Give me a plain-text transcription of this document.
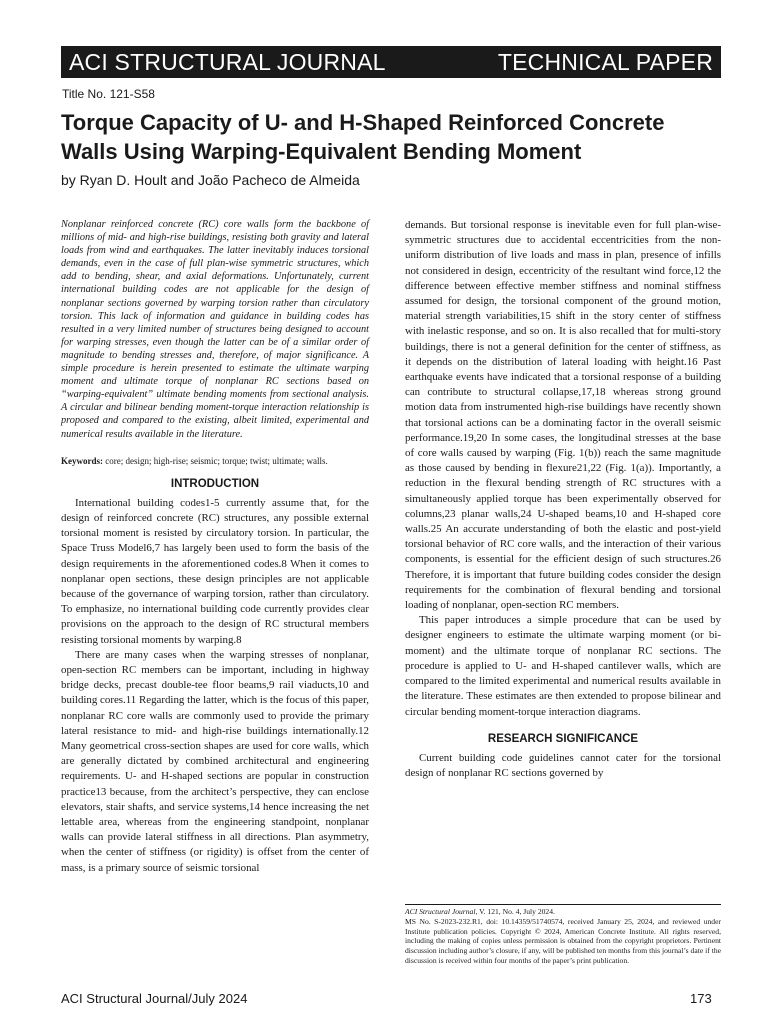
ACI STRUCTURAL JOURNAL	TECHNICAL PAPER
Title No. 121-S58
Torque Capacity of U- and H-Shaped Reinforced Concrete
Walls Using Warping-Equivalent Bending Moment
by Ryan D. Hoult and João Pacheco de Almeida

Nonplanar reinforced concrete (RC) core walls form the backbone of millions of mid- and high-rise buildings, resisting both gravity and lateral loads from wind and earthquakes. The latter inevitably induces torsional demands, even in the case of full plan-wise symmetric structures, which add to bending, shear, and axial deformations. Unfortunately, current international building codes are not applicable for the design of nonplanar sections governed by warping torsion rather than circulatory torsion. This lack of information and guidance in building codes has resulted in a very limited number of structures being designed to account for warping stresses, even though the latter can be of a similar order of magnitude to bending stresses and, therefore, of major significance. A simple procedure is herein presented to estimate the ultimate warping moment and ultimate torque of nonplanar RC sections based on “warping-equivalent” ultimate bending moments from sectional analysis. A circular and bilinear bending moment-torque interaction relationship is proposed and compared to the existing, albeit limited, experimental and numerical results available in the literature.

Keywords: core; design; high-rise; seismic; torque; twist; ultimate; walls.

INTRODUCTION

International building codes1-5 currently assume that, for the design of reinforced concrete (RC) structures, any possible external torsional moment is resisted by circulatory torsion. In particular, the Space Truss Model6,7 has largely been used to form the basis of the design requirements in the aforementioned codes.8 When it comes to nonplanar open sections, these design principles are not applicable because of the governance of warping torsion, rather than circulatory. To emphasize, no international building code currently provides clear provisions on the approach to the design of RC structural members resisting torsional moments by warping.8

There are many cases when the warping stresses of nonplanar, open-section RC members can be important, including in highway bridge decks, precast double-tee floor beams,9 rail viaducts,10 and building cores.11 Regarding the latter, which is the focus of this paper, nonplanar RC core walls are commonly used to provide the primary lateral resistance to mid- and high-rise buildings internationally.12 Many geometrical cross-section shapes are used for core walls, which are generally dictated by combined architectural and engineering requirements. U- and H-shaped sections are popular in construction practice13 because, from the architect’s perspective, they can enclose elevators, stair shafts, and service systems,14 hence increasing the net lettable area, whereas from the engineering standpoint, nonplanar walls can provide lateral stiffness in all directions. Plan asymmetry, when the center of stiffness (or rigidity) is offset from the center of mass, is a primary source of seismic torsional

demands. But torsional response is inevitable even for full plan-wise-symmetric structures due to accidental eccentricities from the non-uniform distribution of live loads and mass in plan, presence of infills not considered in design, eccentricity of the resultant wind force,12 the difference between effective member stiffness and nominal stiffness assumed for design, the torsional component of the ground motion, material strength variabilities,15 shift in the story center of stiffness with inelastic response, and so on. It is also recalled that for multi-story buildings, there is not a general definition for the center of stiffness, as it depends on the distribution of lateral loading with height.16 Past earthquake events have indicated that a torsional response of a building can contribute to structural collapse,17,18 whereas strong ground motion data from instrumented high-rise buildings have recently shown that torsional actions can be a dominating factor in the overall seismic performance.19,20 In some cases, the longitudinal stresses at the base of core walls caused by warping (Fig. 1(b)) reach the same magnitude as those caused by bending in flexure21,22 (Fig. 1(a)). Importantly, a reduction in the flexural bending strength of RC structures with a simultaneously applied torque has been experimentally observed for columns,23 planar walls,24 U-shaped beams,10 and H-shaped core walls.25 An accurate understanding of both the elastic and post-yield torsional behavior of RC core walls, and the interaction of their various components, is essential for the efficient design of such structures.26 Therefore, it is important that future building codes consider the design requirements for the combination of flexural bending and torsional loading of nonplanar, open-section RC members.

This paper introduces a simple procedure that can be used by designer engineers to estimate the ultimate warping moment (or bi-moment) and the ultimate torque of nonplanar RC sections. The procedure is applied to U- and H-shaped cantilever walls, which are compared to the limited experimental and numerical results available in the literature. These estimates are then extended to propose bilinear and circular bending moment-torque interaction diagrams.

RESEARCH SIGNIFICANCE

Current building code guidelines cannot cater for the torsional design of nonplanar RC sections governed by

ACI Structural Journal, V. 121, No. 4, July 2024.

MS No. S-2023-232.R1, doi: 10.14359/51740574, received January 25, 2024, and reviewed under Institute publication policies. Copyright © 2024, American Concrete Institute. All rights reserved, including the making of copies unless permission is obtained from the copyright proprietors. Pertinent discussion including author’s closure, if any, will be published ten months from this journal’s date if the discussion is received within four months of the paper’s print publication.

ACI Structural Journal/July 2024	173
